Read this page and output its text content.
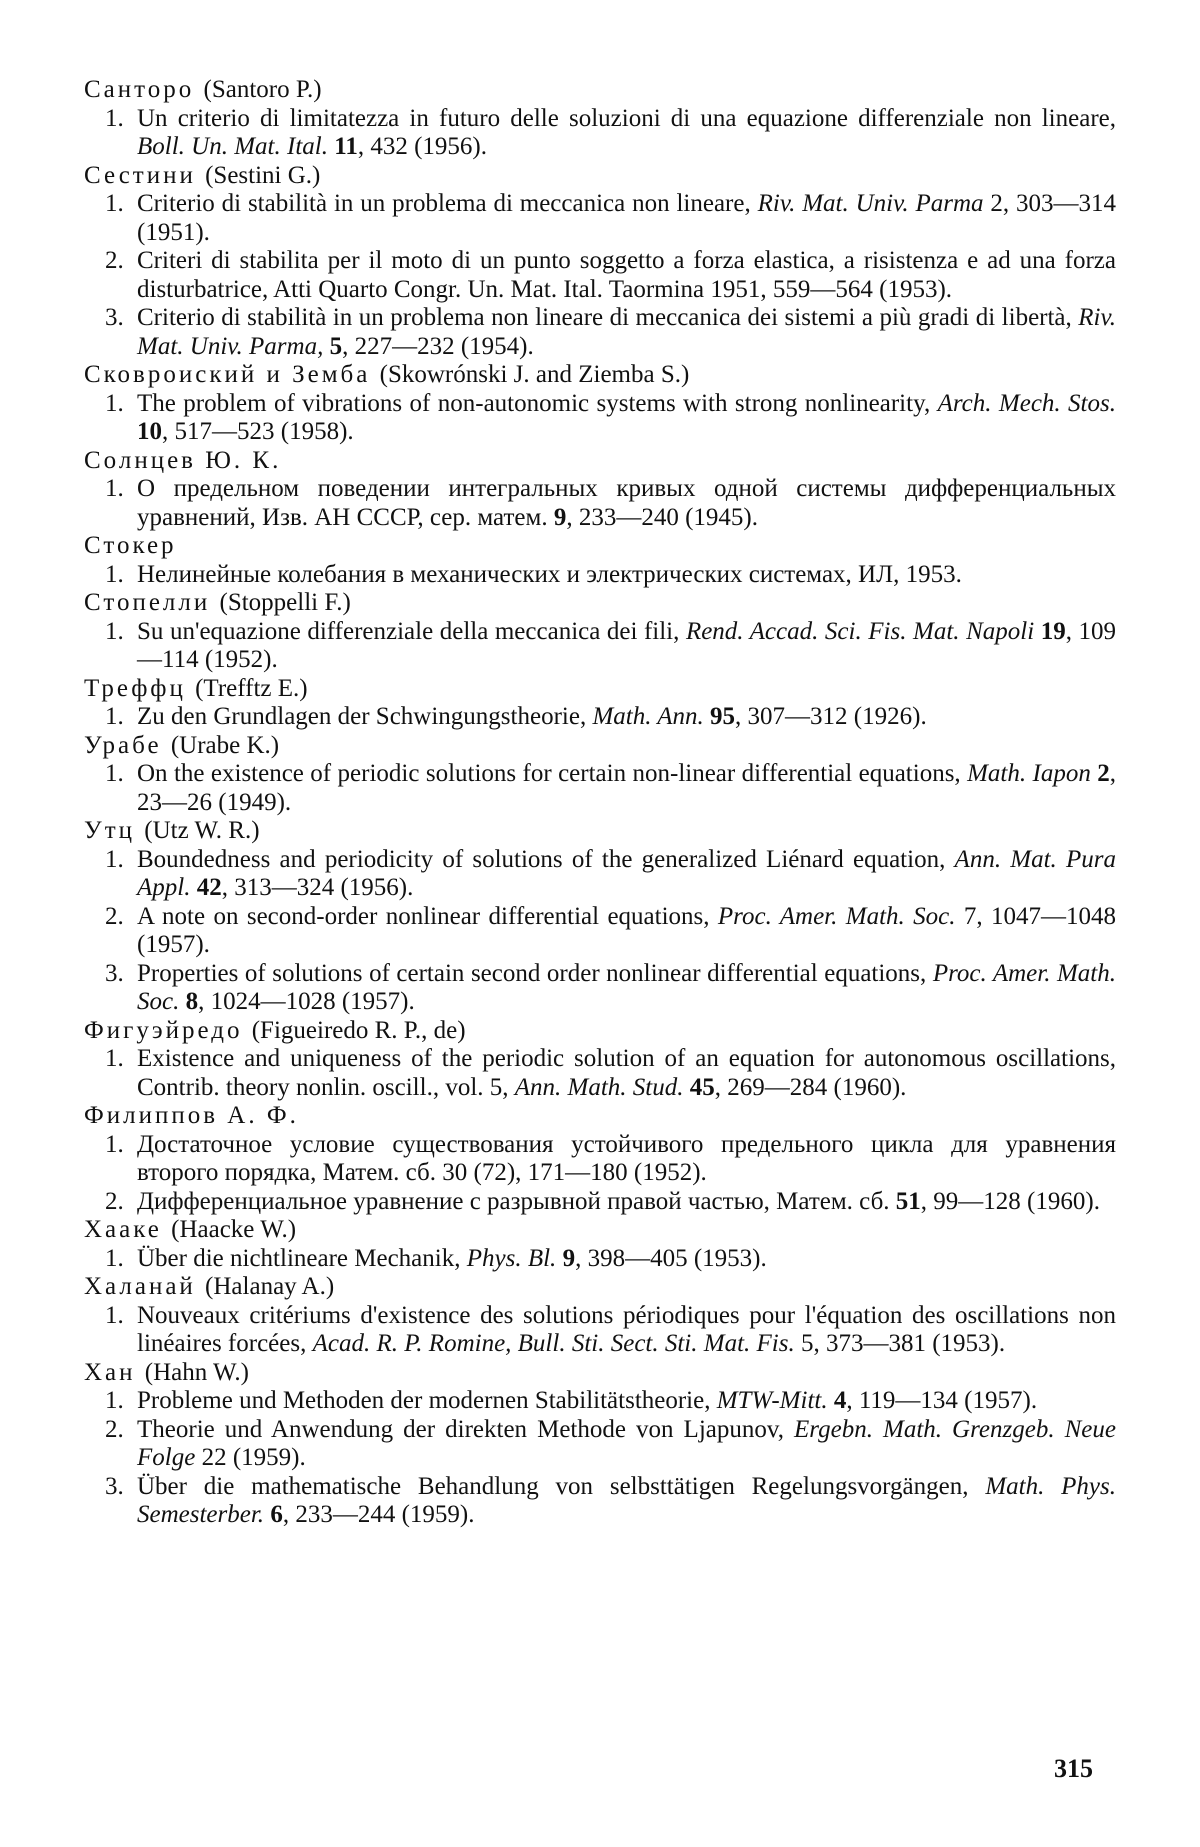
Санторо (Santoro P.)
1. Un criterio di limitatezza in futuro delle soluzioni di una equazione differenziale non lineare, Boll. Un. Mat. Ital. 11, 432 (1956).
Сестини (Sestini G.)
1. Criterio di stabilità in un problema di meccanica non lineare, Riv. Mat. Univ. Parma 2, 303—314 (1951).
2. Criteri di stabilita per il moto di un punto soggetto a forza elastica, a risistenza e ad una forza disturbatrice, Atti Quarto Congr. Un. Mat. Ital. Taormina 1951, 559—564 (1953).
3. Criterio di stabilità in un problema non lineare di meccanica dei sistemi a più gradi di libertà, Riv. Mat. Univ. Parma, 5, 227—232 (1954).
Сковроиский и Земба (Skowrónski J. and Ziemba S.)
1. The problem of vibrations of non-autonomic systems with strong nonlinearity, Arch. Mech. Stos. 10, 517—523 (1958).
Солнцев Ю. К.
1. О предельном поведении интегральных кривых одной системы дифференциальных уравнений, Изв. АН СССР, сер. матем. 9, 233—240 (1945).
Стокер
1. Нелинейные колебания в механических и электрических системах, ИЛ, 1953.
Стопелли (Stoppelli F.)
1. Su un'equazione differenziale della meccanica dei fili, Rend. Accad. Sci. Fis. Mat. Napoli 19, 109—114 (1952).
Треффц (Trefftz E.)
1. Zu den Grundlagen der Schwingungstheorie, Math. Ann. 95, 307—312 (1926).
Урабе (Urabe K.)
1. On the existence of periodic solutions for certain non-linear differential equations, Math. Iapon 2, 23—26 (1949).
Утц (Utz W. R.)
1. Boundedness and periodicity of solutions of the generalized Liénard equation, Ann. Mat. Pura Appl. 42, 313—324 (1956).
2. A note on second-order nonlinear differential equations, Proc. Amer. Math. Soc. 7, 1047—1048 (1957).
3. Properties of solutions of certain second order nonlinear differential equations, Proc. Amer. Math. Soc. 8, 1024—1028 (1957).
Фигуэйредо (Figueiredo R. P., de)
1. Existence and uniqueness of the periodic solution of an equation for autonomous oscillations, Contrib. theory nonlin. oscill., vol. 5, Ann. Math. Stud. 45, 269—284 (1960).
Филиппов А. Ф.
1. Достаточное условие существования устойчивого предельного цикла для уравнения второго порядка, Матем. сб. 30 (72), 171—180 (1952).
2. Дифференциальное уравнение с разрывной правой частью, Матем. сб. 51, 99—128 (1960).
Хааке (Haacke W.)
1. Über die nichtlineare Mechanik, Phys. Bl. 9, 398—405 (1953).
Халанай (Halanay A.)
1. Nouveaux critériums d'existence des solutions périodiques pour l'équation des oscillations non linéaires forcées, Acad. R. P. Romine, Bull. Sti. Sect. Sti. Mat. Fis. 5, 373—381 (1953).
Хан (Hahn W.)
1. Probleme und Methoden der modernen Stabilitätstheorie, MTW-Mitt. 4, 119—134 (1957).
2. Theorie und Anwendung der direkten Methode von Ljapunov, Ergebn. Math. Grenzgeb. Neue Folge 22 (1959).
3. Über die mathematische Behandlung von selbsttätigen Regelungsvorgängen, Math. Phys. Semesterber. 6, 233—244 (1959).
315
